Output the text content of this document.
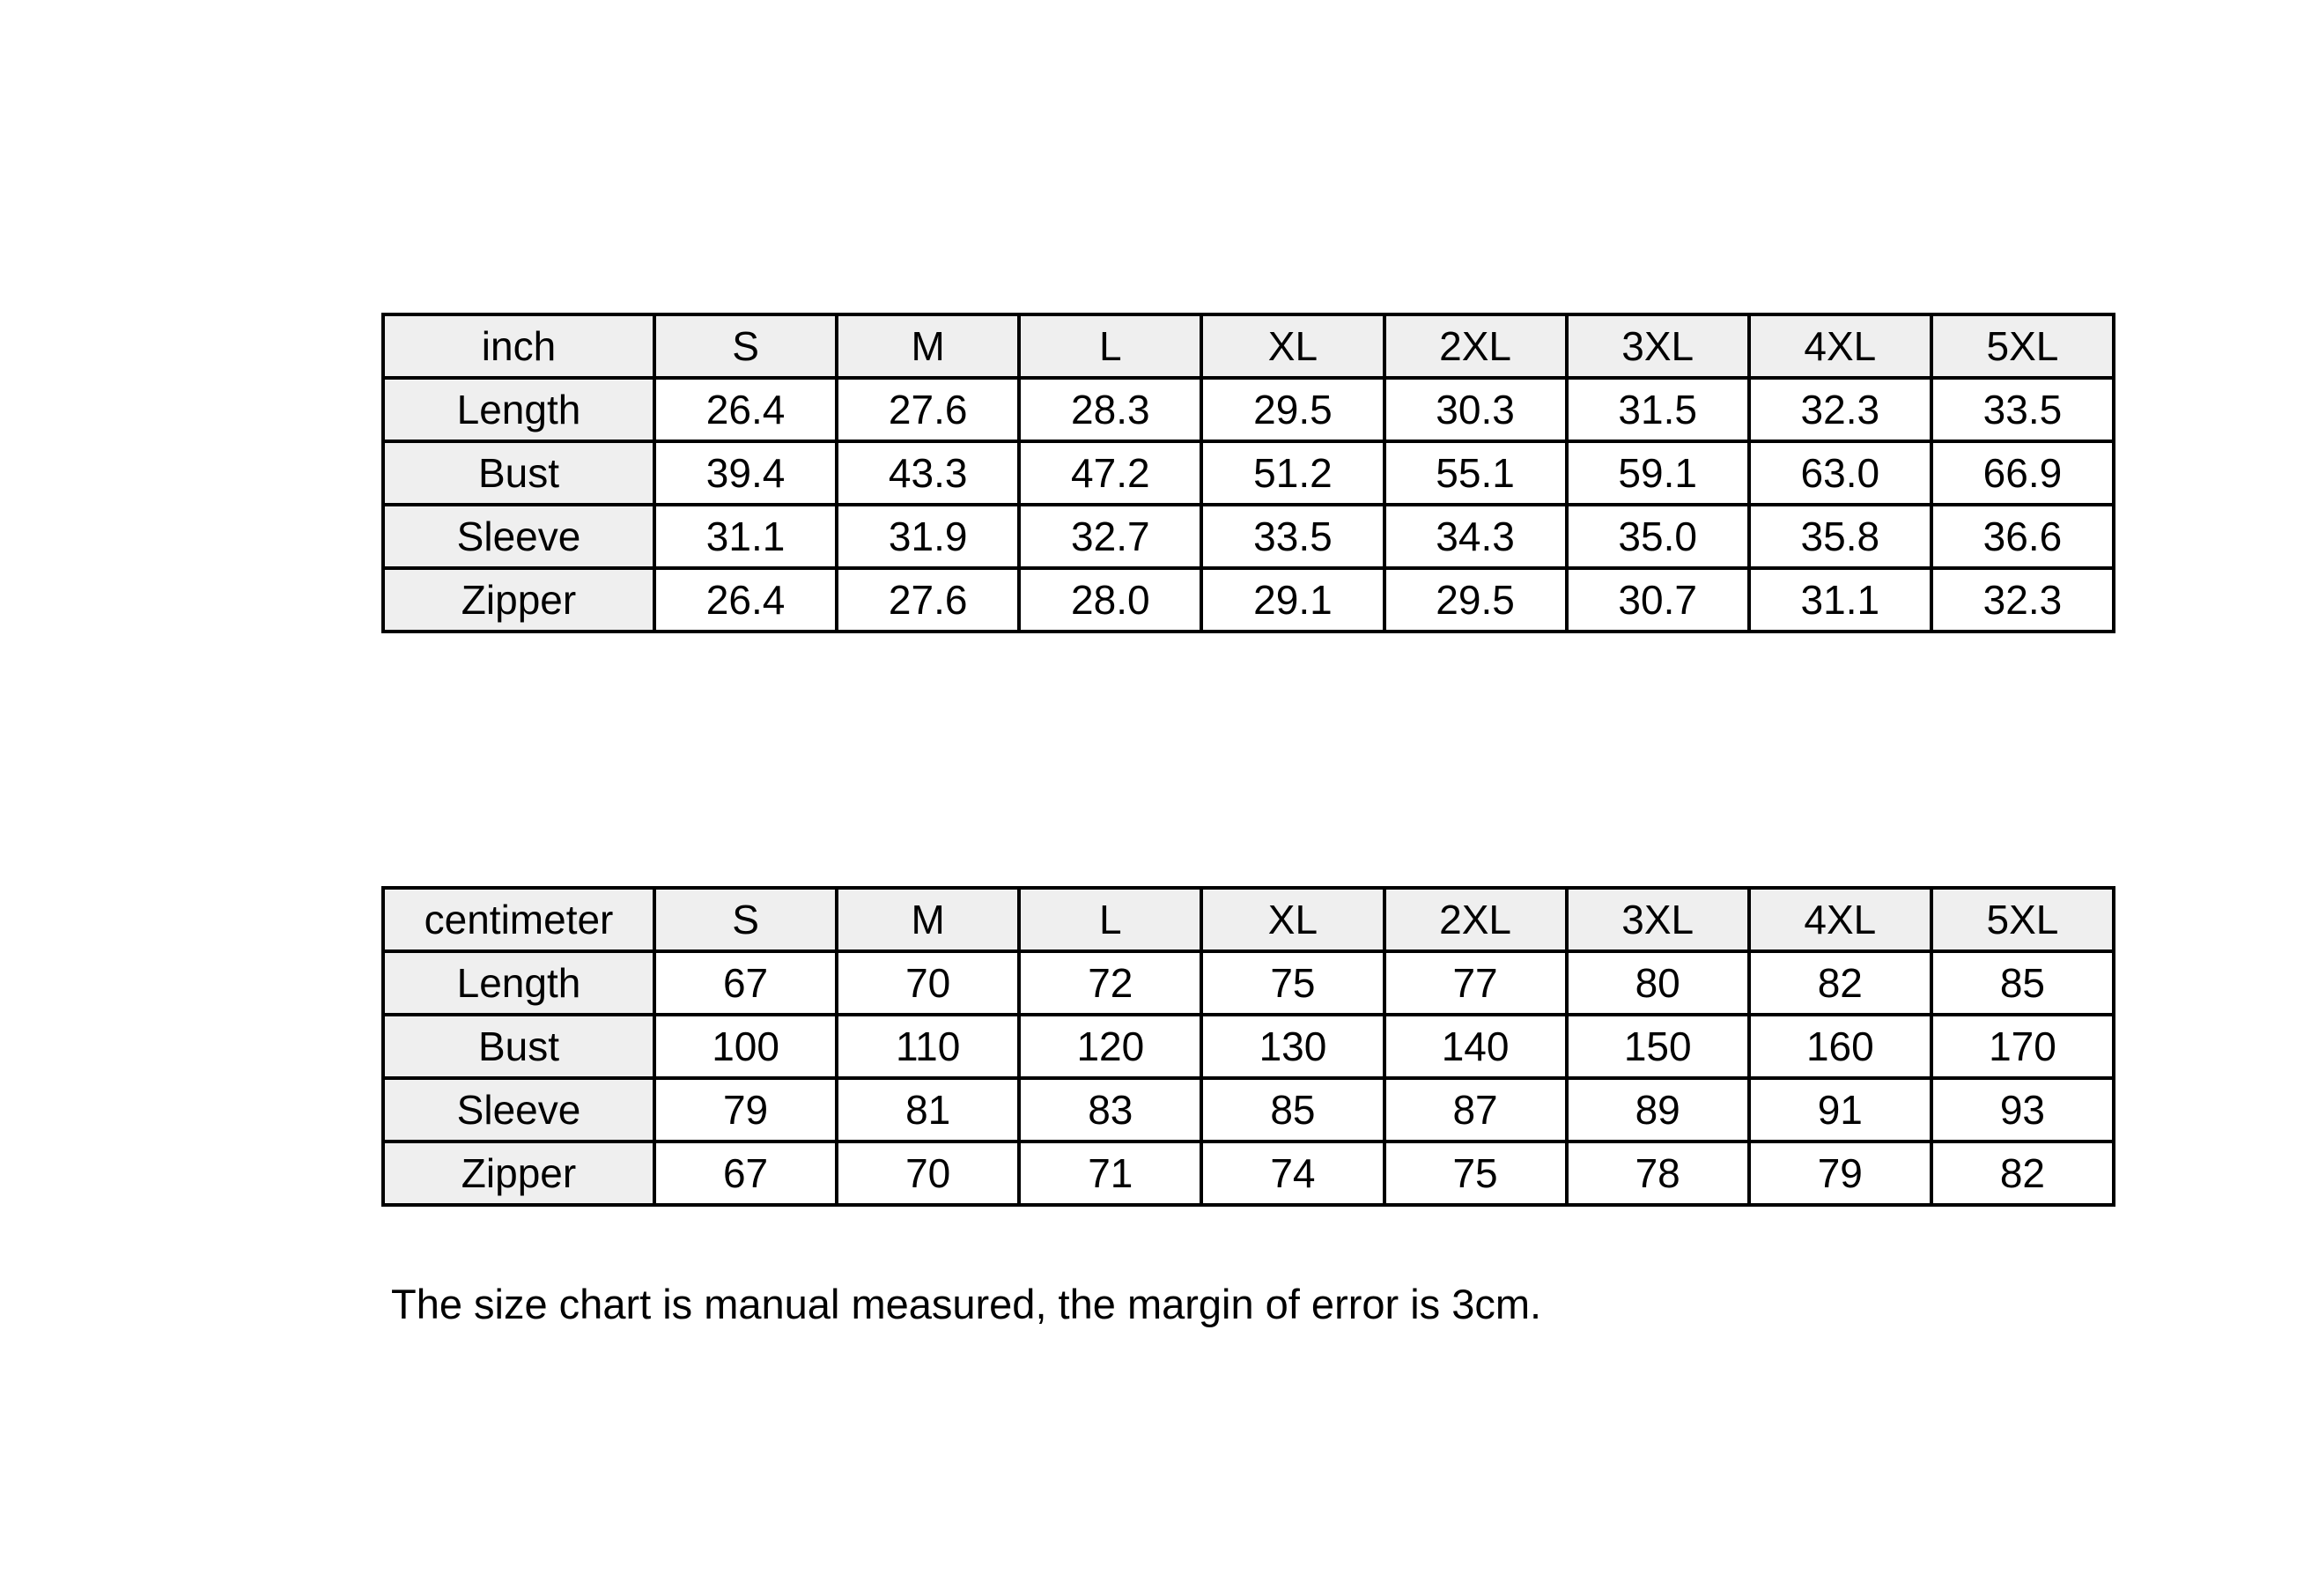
inch	S	M	L	XL	2XL	3XL	4XL	5XL
Length	26.4	27.6	28.3	29.5	30.3	31.5	32.3	33.5
Bust	39.4	43.3	47.2	51.2	55.1	59.1	63.0	66.9
Sleeve	31.1	31.9	32.7	33.5	34.3	35.0	35.8	36.6
Zipper	26.4	27.6	28.0	29.1	29.5	30.7	31.1	32.3
centimeter	S	M	L	XL	2XL	3XL	4XL	5XL
Length	67	70	72	75	77	80	82	85
Bust	100	110	120	130	140	150	160	170
Sleeve	79	81	83	85	87	89	91	93
Zipper	67	70	71	74	75	78	79	82

The size chart is manual measured, the margin of error is 3cm.
